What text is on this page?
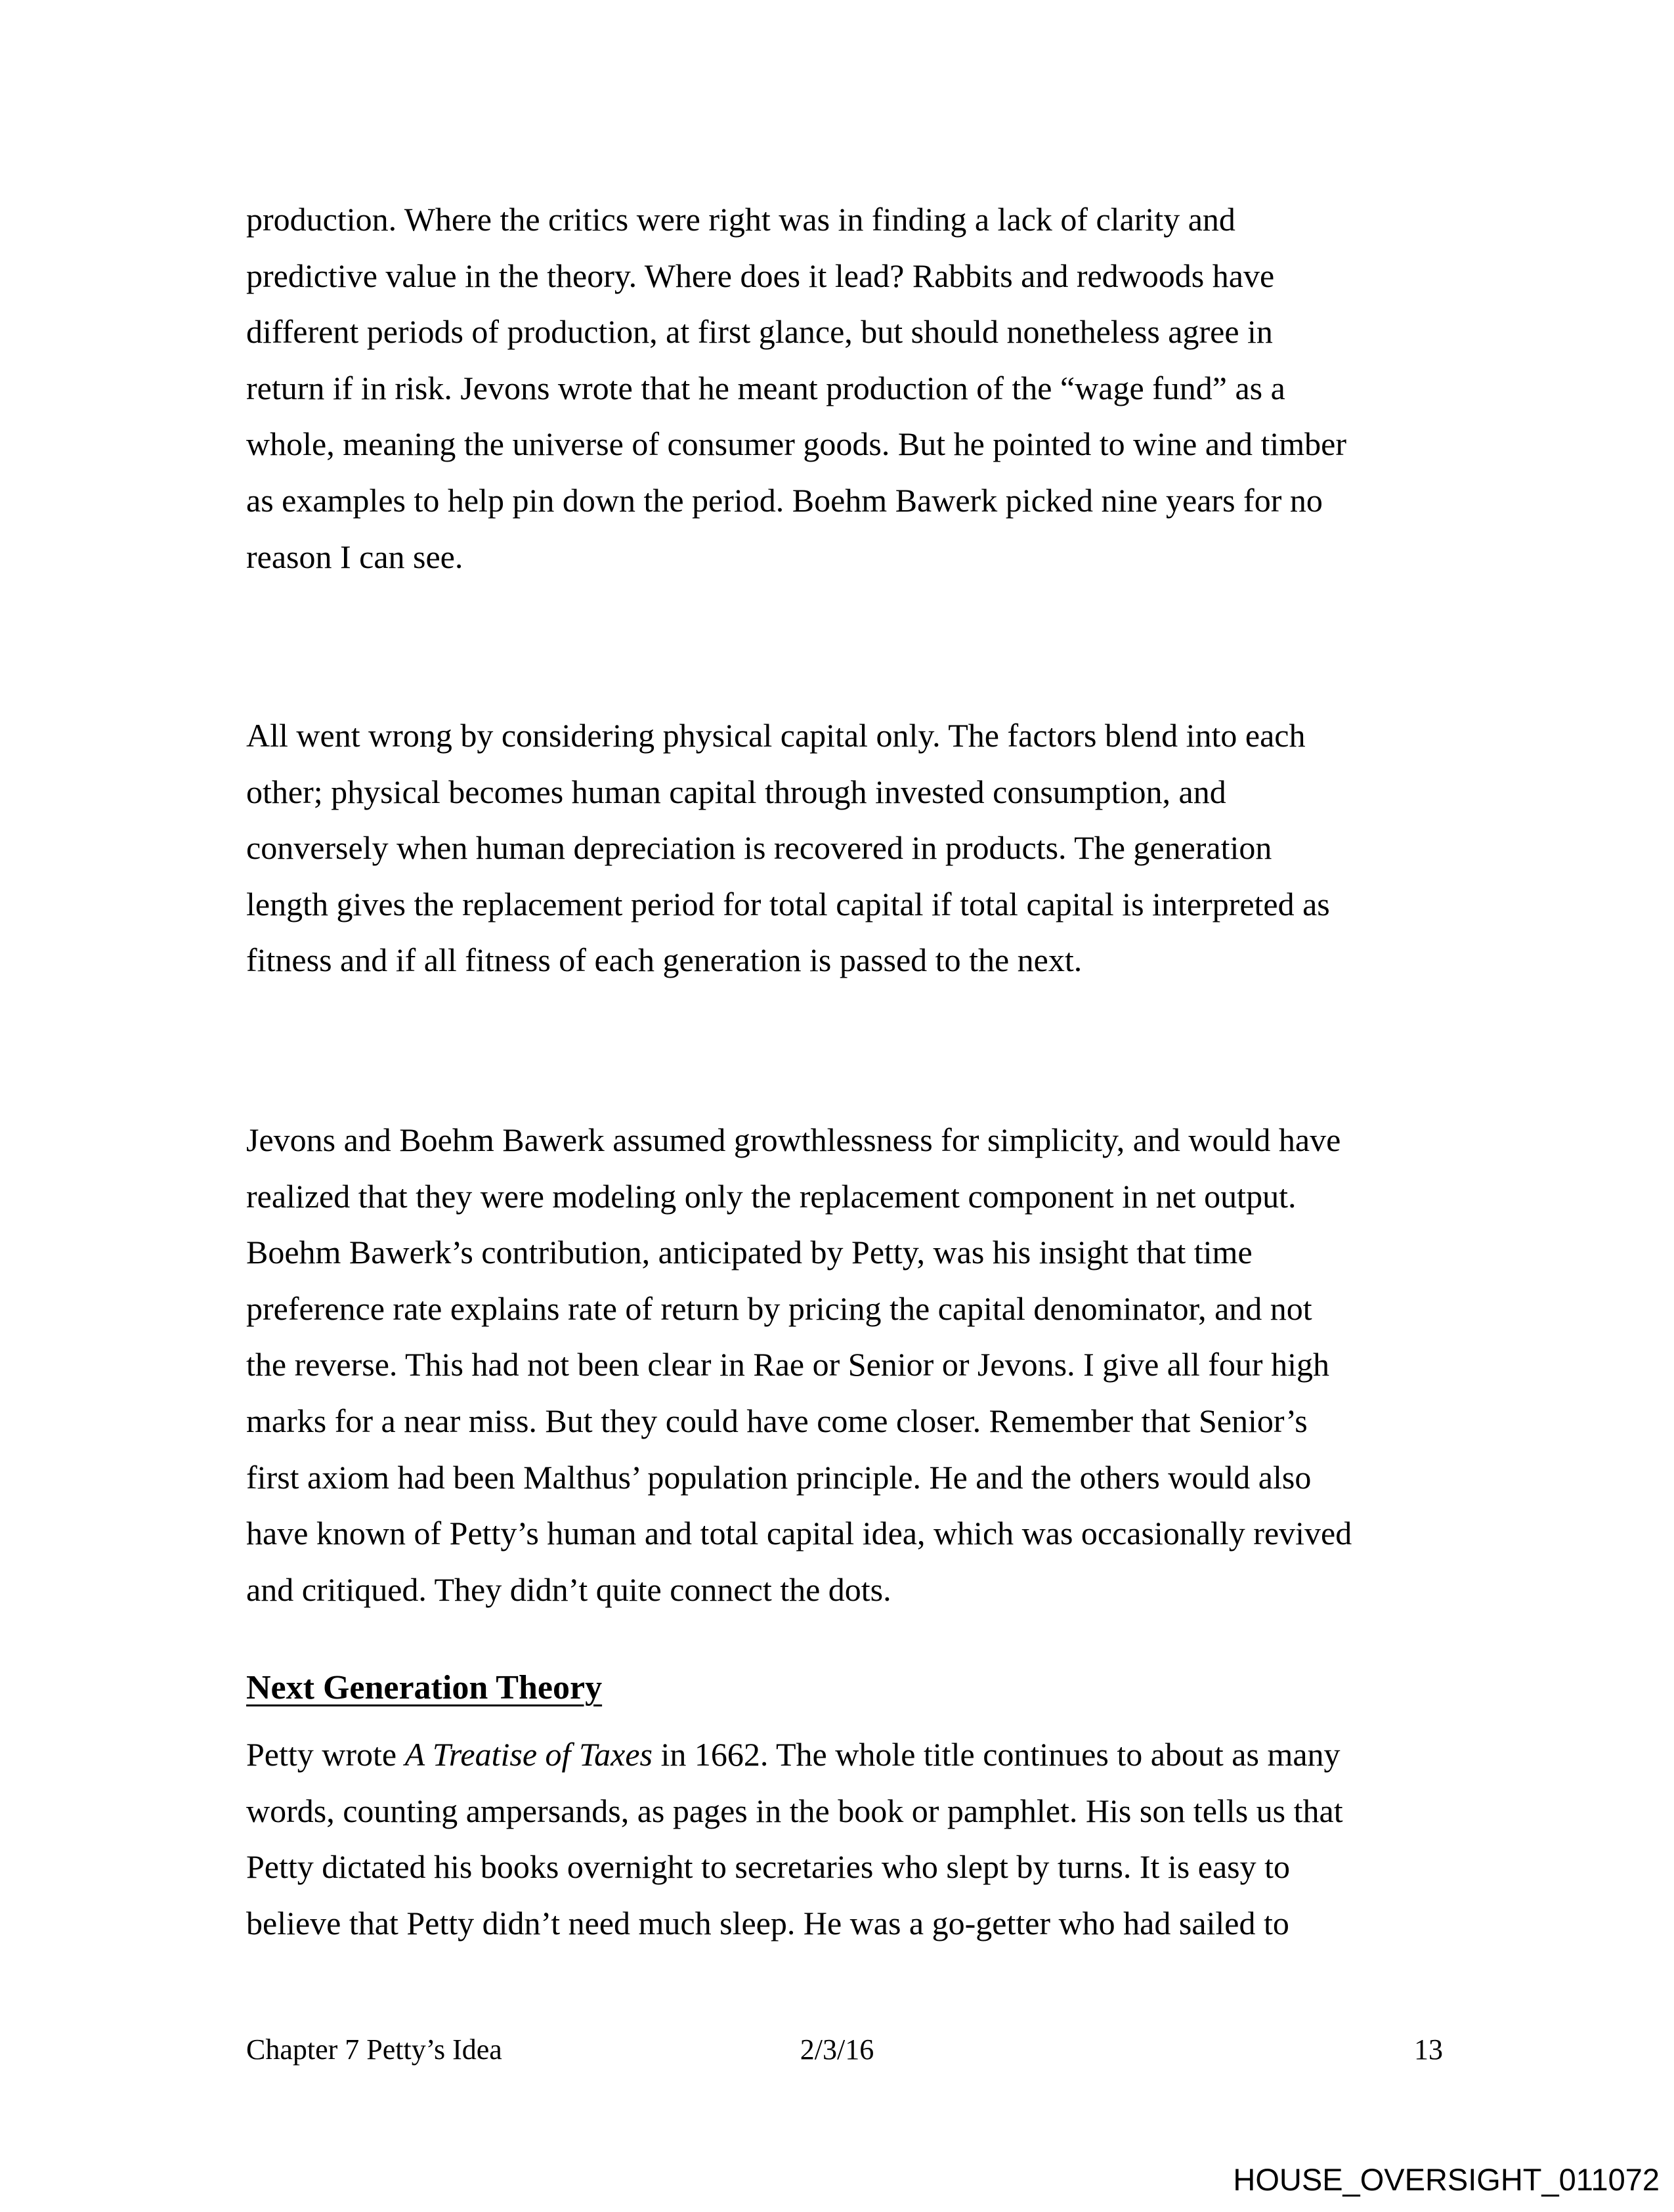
production. Where the critics were right was in finding a lack of clarity and
predictive value in the theory. Where does it lead? Rabbits and redwoods have
different periods of production, at first glance, but should nonetheless agree in
return if in risk. Jevons wrote that he meant production of the “wage fund” as a
whole, meaning the universe of consumer goods. But he pointed to wine and timber
as examples to help pin down the period. Boehm Bawerk picked nine years for no
reason I can see.
All went wrong by considering physical capital only. The factors blend into each
other; physical becomes human capital through invested consumption, and
conversely when human depreciation is recovered in products. The generation
length gives the replacement period for total capital if total capital is interpreted as
fitness and if all fitness of each generation is passed to the next.
Jevons and Boehm Bawerk assumed growthlessness for simplicity, and would have
realized that they were modeling only the replacement component in net output.
Boehm Bawerk’s contribution, anticipated by Petty, was his insight that time
preference rate explains rate of return by pricing the capital denominator, and not
the reverse. This had not been clear in Rae or Senior or Jevons. I give all four high
marks for a near miss. But they could have come closer. Remember that Senior’s
first axiom had been Malthus’ population principle. He and the others would also
have known of Petty’s human and total capital idea, which was occasionally revived
and critiqued. They didn’t quite connect the dots.
Next Generation Theory
Petty wrote A Treatise of Taxes in 1662. The whole title continues to about as many
words, counting ampersands, as pages in the book or pamphlet. His son tells us that
Petty dictated his books overnight to secretaries who slept by turns. It is easy to
believe that Petty didn’t need much sleep. He was a go-getter who had sailed to
Chapter 7 Petty’s Idea	2/3/16	13
HOUSE_OVERSIGHT_011072
